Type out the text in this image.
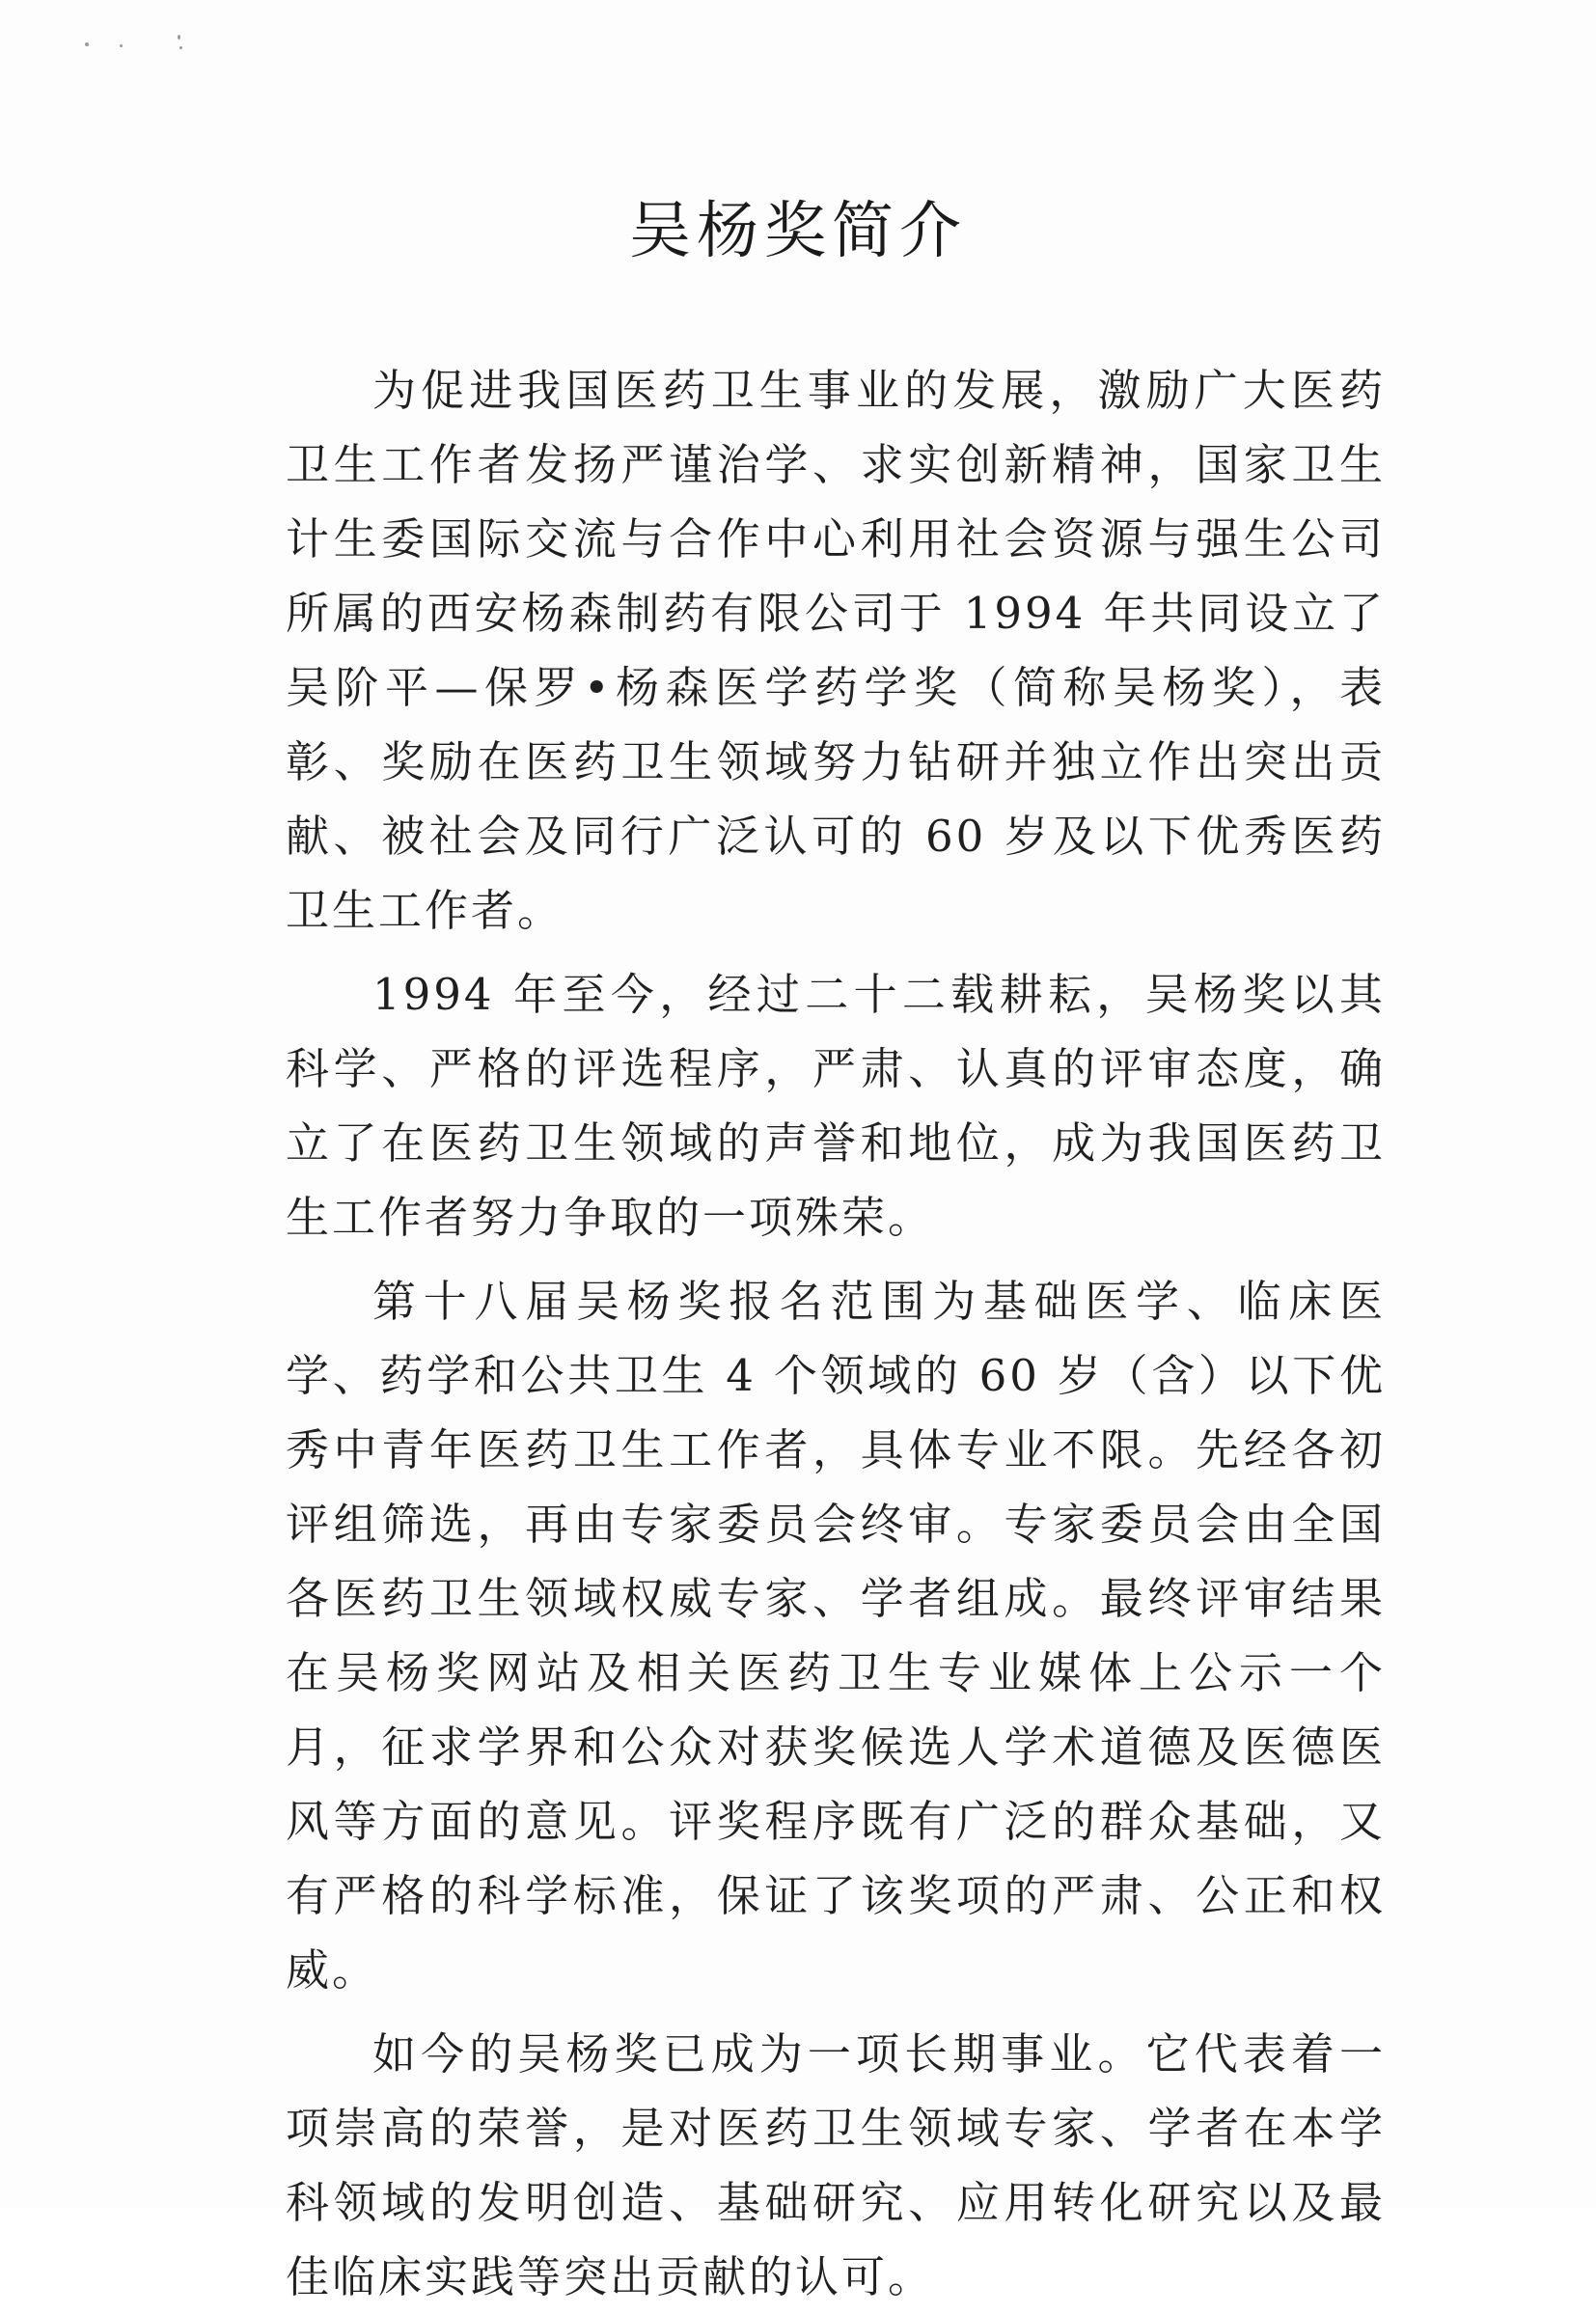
吴杨奖简介

为促进我国医药卫生事业的发展，激励广大医药卫生工作者发扬严谨治学、求实创新精神，国家卫生计生委国际交流与合作中心利用社会资源与强生公司所属的西安杨森制药有限公司于 1994 年共同设立了吴阶平—保罗•杨森医学药学奖（简称吴杨奖），表彰、奖励在医药卫生领域努力钻研并独立作出突出贡献、被社会及同行广泛认可的 60 岁及以下优秀医药卫生工作者。

1994 年至今，经过二十二载耕耘，吴杨奖以其科学、严格的评选程序，严肃、认真的评审态度，确立了在医药卫生领域的声誉和地位，成为我国医药卫生工作者努力争取的一项殊荣。

第十八届吴杨奖报名范围为基础医学、临床医学、药学和公共卫生 4 个领域的 60 岁（含）以下优秀中青年医药卫生工作者，具体专业不限。先经各初评组筛选，再由专家委员会终审。专家委员会由全国各医药卫生领域权威专家、学者组成。最终评审结果在吴杨奖网站及相关医药卫生专业媒体上公示一个月，征求学界和公众对获奖候选人学术道德及医德医风等方面的意见。评奖程序既有广泛的群众基础，又有严格的科学标准，保证了该奖项的严肃、公正和权威。

如今的吴杨奖已成为一项长期事业。它代表着一项崇高的荣誉，是对医药卫生领域专家、学者在本学科领域的发明创造、基础研究、应用转化研究以及最佳临床实践等突出贡献的认可。
